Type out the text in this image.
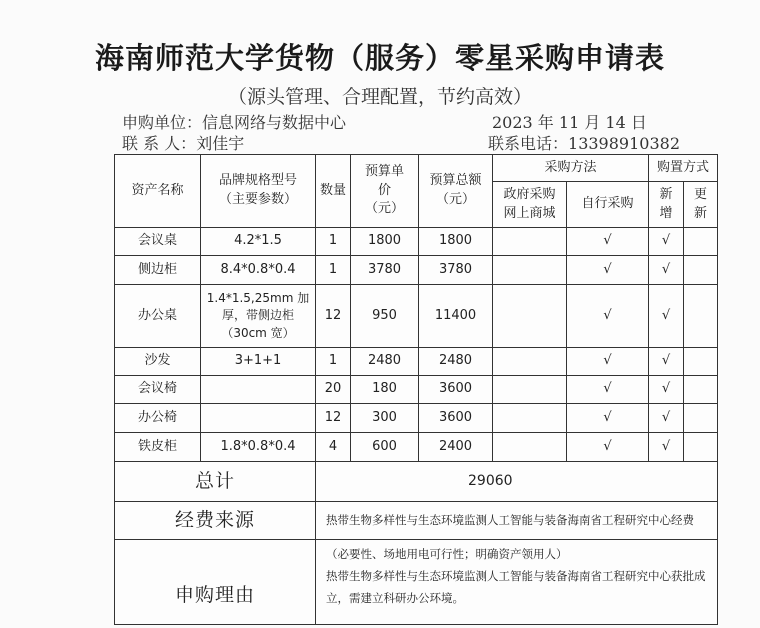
海南师范大学货物（服务）零星采购申请表
（源头管理、合理配置，节约高效）
申购单位：信息网络与数据中心	2023 年 11 月 14 日
联 系 人：刘佳宇	联系电话：13398910382
资产名称	品牌规格型号（主要参数）	数量	预算单价（元）	预算总额（元）	采购方法		购置方式	
					政府采购网上商城	自行采购	新增	更新
会议桌	4.2*1.5	1	1800	1800		√	√	
侧边柜	8.4*0.8*0.4	1	3780	3780		√	√	
办公桌	1.4*1.5,25mm 加厚，带侧边柜（30cm 宽）	12	950	11400		√	√	
沙发	3+1+1	1	2480	2480		√	√	
会议椅		20	180	3600		√	√	
办公椅		12	300	3600		√	√	
铁皮柜	1.8*0.8*0.4	4	600	2400		√	√	
总计		29060						
经费来源		热带生物多样性与生态环境监测人工智能与装备海南省工程研究中心经费						
申购理由		（必要性、场地用电可行性；明确资产领用人）
热带生物多样性与生态环境监测人工智能与装备海南省工程研究中心获批成立，需建立科研办公环境。						
